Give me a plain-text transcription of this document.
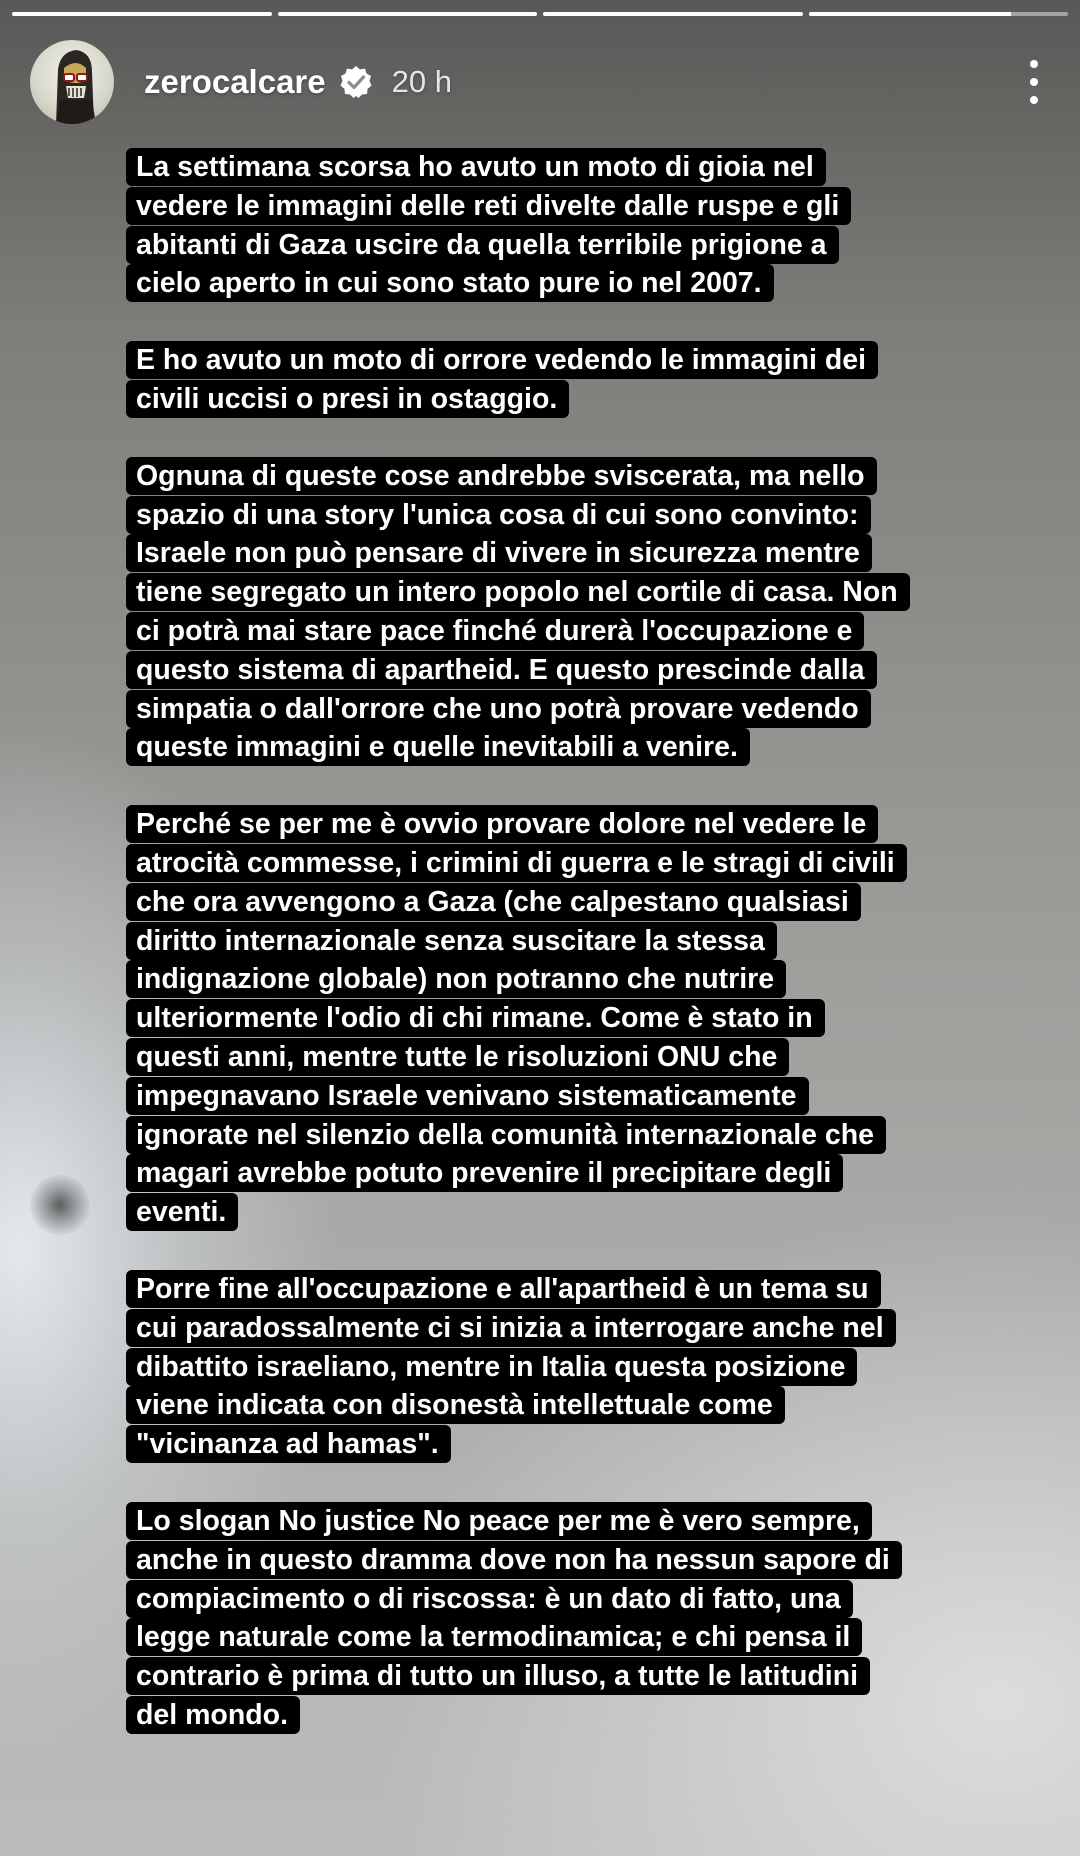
zerocalcare 20 h
La settimana scorsa ho avuto un moto di gioia nel
vedere le immagini delle reti divelte dalle ruspe e gli
abitanti di Gaza uscire da quella terribile prigione a
cielo aperto in cui sono stato pure io nel 2007.
E ho avuto un moto di orrore vedendo le immagini dei
civili uccisi o presi in ostaggio.
Ognuna di queste cose andrebbe sviscerata, ma nello
spazio di una story l'unica cosa di cui sono convinto:
Israele non può pensare di vivere in sicurezza mentre
tiene segregato un intero popolo nel cortile di casa. Non
ci potrà mai stare pace finché durerà l'occupazione e
questo sistema di apartheid. E questo prescinde dalla
simpatia o dall'orrore che uno potrà provare vedendo
queste immagini e quelle inevitabili a venire.
Perché se per me è ovvio provare dolore nel vedere le
atrocità commesse, i crimini di guerra e le stragi di civili
che ora avvengono a Gaza (che calpestano qualsiasi
diritto internazionale senza suscitare la stessa
indignazione globale) non potranno che nutrire
ulteriormente l'odio di chi rimane. Come è stato in
questi anni, mentre tutte le risoluzioni ONU che
impegnavano Israele venivano sistematicamente
ignorate nel silenzio della comunità internazionale che
magari avrebbe potuto prevenire il precipitare degli
eventi.
Porre fine all'occupazione e all'apartheid è un tema su
cui paradossalmente ci si inizia a interrogare anche nel
dibattito israeliano, mentre in Italia questa posizione
viene indicata con disonestà intellettuale come
"vicinanza ad hamas".
Lo slogan No justice No peace per me è vero sempre,
anche in questo dramma dove non ha nessun sapore di
compiacimento o di riscossa: è un dato di fatto, una
legge naturale come la termodinamica; e chi pensa il
contrario è prima di tutto un illuso, a tutte le latitudini
del mondo.
